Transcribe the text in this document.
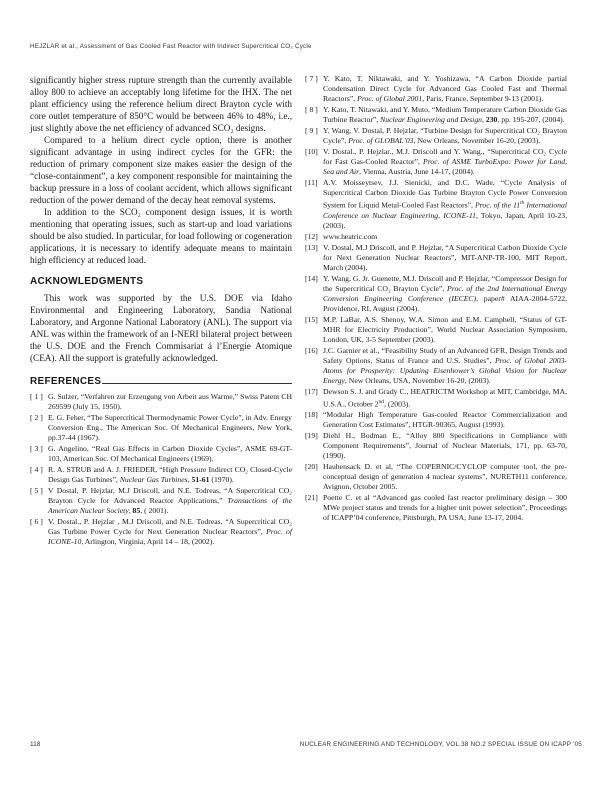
HEJZLAR et al., Assessment of Gas Cooled Fast Reactor with Indirect Supercritical CO₂ Cycle

significantly higher stress rupture strength than the currently available alloy 800 to achieve an acceptably long lifetime for the IHX. The net plant efficiency using the reference helium direct Brayton cycle with core outlet temperature of 850°C would be between 46% to 48%, i.e., just slightly above the net efficiency of advanced SCO₂ designs.

Compared to a helium direct cycle option, there is another significant advantage in using indirect cycles for the GFR: the reduction of primary component size makes easier the design of the “close-containment”, a key component responsible for maintaining the backup pressure in a loss of coolant accident, which allows significant reduction of the power demand of the decay heat removal systems.

In addition to the SCO₂ component design issues, it is worth mentioning that operating issues, such as start-up and load variations should be also studied. In particular, for load following or cogeneration applications, it is necessary to identify adequate means to maintain high efficiency at reduced load.

ACKNOWLEDGMENTS

This work was supported by the U.S. DOE via Idaho Environmental and Engineering Laboratory, Sandia National Laboratory, and Argonne National Laboratory (ANL). The support via ANL was within the framework of an I-NERI bilateral project between the U.S. DOE and the French Commisariat á l’Energie Atomique (CEA). All the support is gratefully acknowledged.

REFERENCES
[ 1 ] G. Sulzer, “Verfahren zur Erzeugung von Arbeit aus Warme,” Swiss Patent CH 269599 (July 15, 1950).
[ 2 ] E. G. Feher, “The Supercritical Thermodynamic Power Cycle”, in Adv. Energy Conversion Eng., The American Soc. Of Mechanical Engineers, New York, pp.37-44 (1967).
[ 3 ] G. Angelino, “Real Gas Effects in Carbon Dioxide Cycles”, ASME 69-GT-103, American Soc. Of Mechanical Engineers (1969).
[ 4 ] R. A. STRUB and A. J. FRIEDER, “High Pressure Indirect CO₂ Closed-Cycle Design Gas Turbines”, Nuclear Gas Turbines, 51-61 (1970).
[ 5 ] V Dostal, P. Hejzlar, M.J Driscoll, and N.E. Todreas, “A Supercritical CO₂ Brayton Cycle for Advanced Reactor Applications,” Transactions of the American Nuclear Society, 85, ( 2001).
[ 6 ] V. Dostal., P. Hejzlar , M.J Driscoll, and N.E. Todreas, “A Supercritical CO₂ Gas Turbine Power Cycle for Next Generation Nuclear Reactors”, Proc. of ICONE-10, Arlington, Virginia, April 14 – 18, (2002).
[ 7 ] Y. Kato, T. Niktawaki, and Y. Yoshizawa, “A Carbon Dioxide partial Condensation Direct Cycle for Advanced Gas Cooled Fast and Thermal Reactors”, Proc. of Global 2001, Paris, France, September 9-13 (2001).
[ 8 ] Y. Kato, T. Nitawaki, and Y. Muto, “Medium Temperature Carbon Dioxide Gas Turbine Reactor”, Nuclear Engineering and Design, 230, pp. 195-207, (2004).
[ 9 ] Y. Wang, V. Dostal, P. Hejzlar, “Turbine Design for Supercritical CO₂ Brayton Cycle”, Proc. of GLOBAL’03, New Orleans, November 16-20, (2003).
[10] V. Dostal., P. Hejzlar., M.J. Driscoll and Y. Wang., “Supercritical CO₂ Cycle for Fast Gas-Cooled Reactor”, Proc. of ASME TurboExpo: Power for Land, Sea and Air, Vienna, Austria, June 14-17, (2004).
[11] A.V. Moisseytsev, J.J. Sienicki, and D.C. Wade, “Cycle Analysis of Supercritical Carbon Dioxide Gas Turbine Brayton Cycle Power Conversion System for Liquid Metal-Cooled Fast Reactors”, Proc. of the 11th International Conference on Nuclear Engineering, ICONE-11, Tokyo, Japan, April 10-23, (2003).
[12] www.heatric.com
[13] V. Dostal, M.J Driscoll, and P. Hejzlar, “A Supercritical Carbon Dioxide Cycle for Next Generation Nuclear Reactors”, MIT-ANP-TR-100, MIT Report, March (2004).
[14] Y. Wang, G. Jr. Guenette, M.J. Driscoll and P. Hejzlar, “Compressor Design for the Supercritical CO₂ Brayton Cycle”, Proc. of the 2nd International Energy Conversion Engineering Conference (IECEC), paper# AIAA-2004-5722, Providence, RI, August (2004).
[15] M.P. LaBar, A.S. Shenoy, W.A. Simon and E.M. Campbell, “Status of GT-MHR for Electricity Production”, World Nuclear Association Symposium, London, UK, 3-5 September (2003).
[16] J.C. Garnier et al., “Feasibility Study of an Advanced GFR, Design Trends and Safety Options, Status of France and U.S. Studies”, Proc. of Global 2003-Atoms for Prosperity: Updating Eisenhower’s Global Vision for Nuclear Energy, New Orleans, USA, November 16-20, (2003).
[17] Dewson S. J. and Grady C., HEATRICTM Workshop at MIT, Cambridge, MA, U.S.A., October 2nd, (2003).
[18] “Modular High Temperature Gas-cooled Reactor Commercialization and Generation Cost Estimates”, HTGR-90365, August (1993).
[19] Diehl H., Bodman E., “Alloy 800 Specifications in Compliance with Component Requirements”, Journal of Nuclear Materials, 171, pp. 63-70, (1990).
[20] Haubensack D. et al, “The COPERNIC/CYCLOP computer tool, the pre-conceptual design of generation 4 nuclear systems”, NURETH11 conference, Avignon, October 2005.
[21] Poette C. et al “Advanced gas cooled fast reactor preliminary design – 300 MWe project status and trends for a higher unit power selection”, Proceedings of ICAPP’04 conference, Pittsburgh, PA USA, June 13-17, 2004.
118	NUCLEAR ENGINEERING AND TECHNOLOGY, VOL.38 NO.2 SPECIAL ISSUE ON ICAPP ’05
